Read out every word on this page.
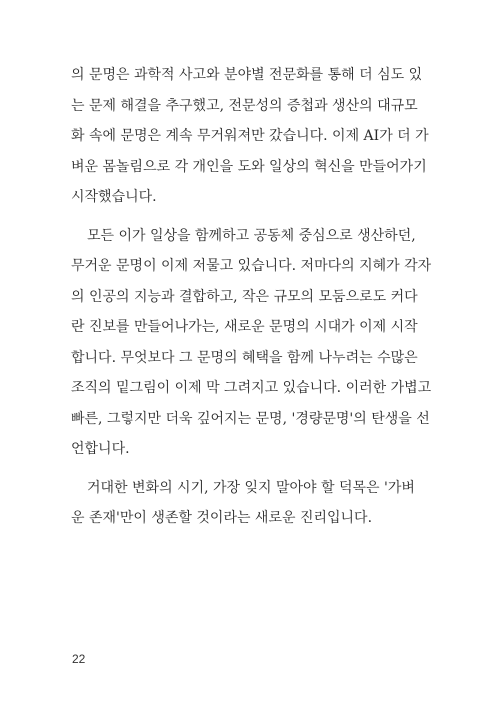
의 문명은 과학적 사고와 분야별 전문화를 통해 더 심도 있
는 문제 해결을 추구했고, 전문성의 증첩과 생산의 대규모
화 속에 문명은 계속 무거워져만 갔습니다. 이제 AI가 더 가
벼운 몸놀림으로 각 개인을 도와 일상의 혁신을 만들어가기
시작했습니다.
모든 이가 일상을 함께하고 공동체 중심으로 생산하던,
무거운 문명이 이제 저물고 있습니다. 저마다의 지혜가 각자
의 인공의 지능과 결합하고, 작은 규모의 모둠으로도 커다
란 진보를 만들어나가는, 새로운 문명의 시대가 이제 시작
합니다. 무엇보다 그 문명의 혜택을 함께 나누려는 수많은
조직의 밑그림이 이제 막 그려지고 있습니다. 이러한 가볍고
빠른, 그렇지만 더욱 깊어지는 문명, '경량문명'의 탄생을 선
언합니다.
거대한 변화의 시기, 가장 잊지 말아야 할 덕목은 '가벼
운 존재'만이 생존할 것이라는 새로운 진리입니다.
22
